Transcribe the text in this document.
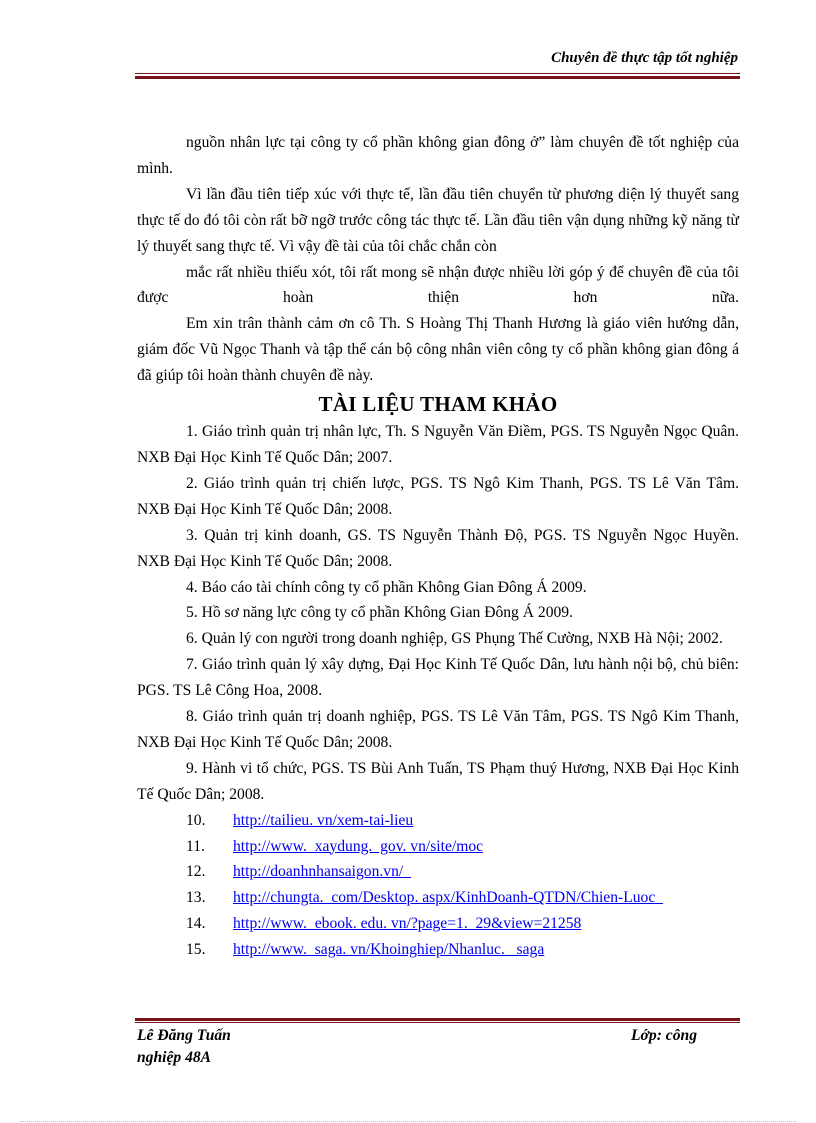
Chuyên đề thực tập tốt nghiệp

nguồn nhân lực tại công ty cổ phần không gian đông ở” làm chuyên đề tốt nghiệp của mình.

Vì lần đầu tiên tiếp xúc với thực tế, lần đầu tiên chuyển từ phương diện lý thuyết sang thực tế do đó tôi còn rất bỡ ngỡ trước công tác thực tế. Lần đầu tiên vận dụng những kỹ năng từ lý thuyết sang thực tế. Vì vậy đề tài của tôi chắc chắn còn

mắc rất nhiều thiếu xót, tôi rất mong sẽ nhận được nhiều lời góp ý để chuyên đề của tôi được hoàn thiện hơn nữa.

Em xin trân thành cảm ơn cô Th. S Hoàng Thị Thanh Hương là giáo viên hướng dẫn, giám đốc Vũ Ngọc Thanh và tập thể cán bộ công nhân viên công ty cổ phần không gian đông á đã giúp tôi hoàn thành chuyên đề này.

TÀI LIỆU THAM KHẢO

1. Giáo trình quản trị nhân lực, Th. S Nguyễn Văn Điềm, PGS. TS Nguyễn Ngọc Quân. NXB Đại Học Kinh Tế Quốc Dân; 2007.

2. Giáo trình quản trị chiến lược, PGS. TS Ngô Kim Thanh, PGS. TS Lê Văn Tâm. NXB Đại Học Kinh Tế Quốc Dân; 2008.

3. Quản trị kinh doanh, GS. TS Nguyễn Thành Độ, PGS. TS Nguyễn Ngọc Huyền. NXB Đại Học Kinh Tế Quốc Dân; 2008.

4. Báo cáo tài chính công ty cổ phần Không Gian Đông Á 2009.

5. Hồ sơ năng lực công ty cổ phần Không Gian Đông Á 2009.

6. Quản lý con người trong doanh nghiệp, GS Phụng Thế Cường, NXB Hà Nội; 2002.

7. Giáo trình quản lý xây dựng, Đại Học Kinh Tế Quốc Dân, lưu hành nội bộ, chủ biên: PGS. TS Lê Công Hoa, 2008.

8. Giáo trình quản trị doanh nghiệp, PGS. TS Lê Văn Tâm, PGS. TS Ngô Kim Thanh, NXB Đại Học Kinh Tế Quốc Dân; 2008.

9. Hành vi tổ chức, PGS. TS Bùi Anh Tuấn, TS Phạm thuý Hương, NXB Đại Học Kinh Tế Quốc Dân; 2008.

10.	http://tailieu. vn/xem-tai-lieu
11.	http://www.  xaydung.  gov. vn/site/moc
12.	http://doanhnhansaigon.vn/
13.	http://chungta.  com/Desktop. aspx/KinhDoanh-QTDN/Chien-Luoc
14.	http://www.  ebook. edu. vn/?page=1.  29&view=21258
15.	http://www.  saga. vn/Khoinghiep/Nhanluc.   saga
Lê Đăng Tuấn	Lớp: công
nghiệp 48A
